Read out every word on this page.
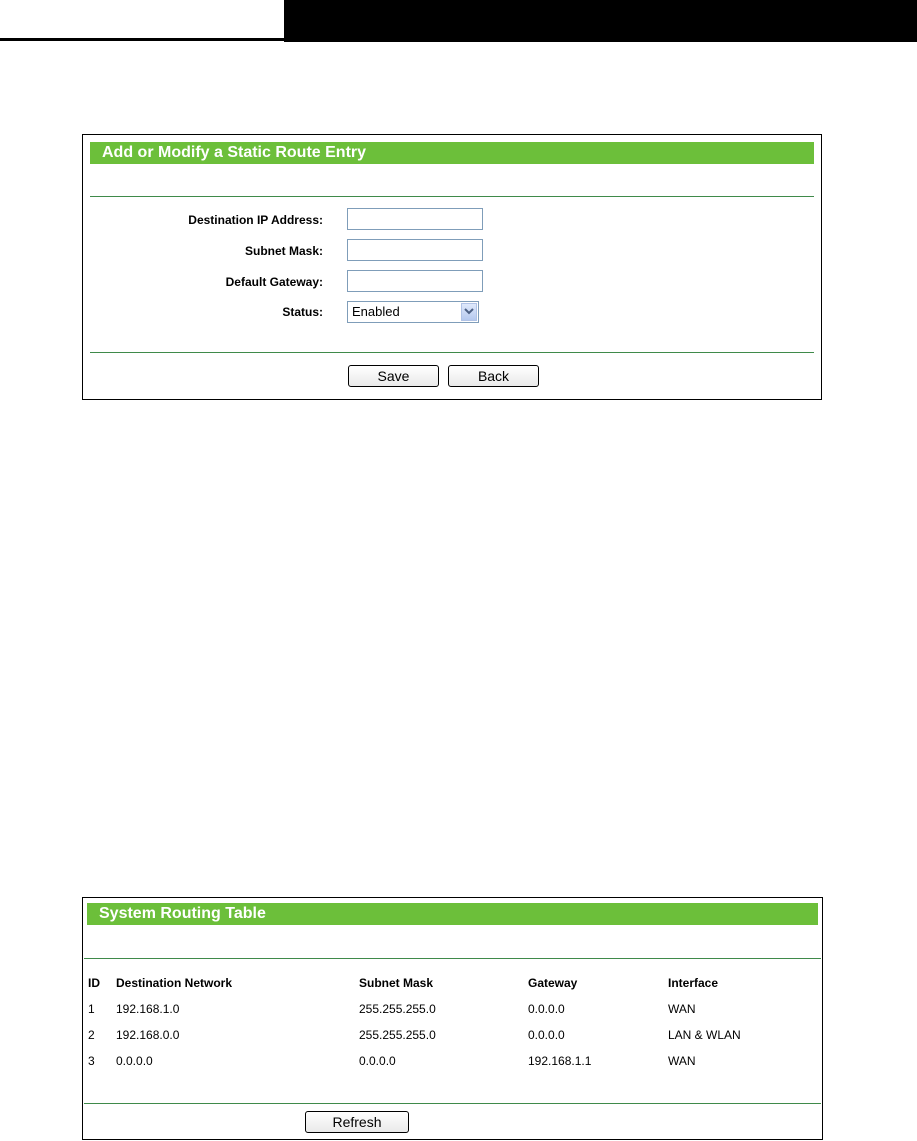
Add or Modify a Static Route Entry
Destination IP Address:
Subnet Mask:
Default Gateway:
Status:	Enabled
Save	Back
System Routing Table
ID Destination Network	Subnet Mask	Gateway	Interface
1 192.168.1.0	255.255.255.0	0.0.0.0	WAN
2 192.168.0.0	255.255.255.0	0.0.0.0	LAN & WLAN
3 0.0.0.0	0.0.0.0	192.168.1.1	WAN
Refresh
